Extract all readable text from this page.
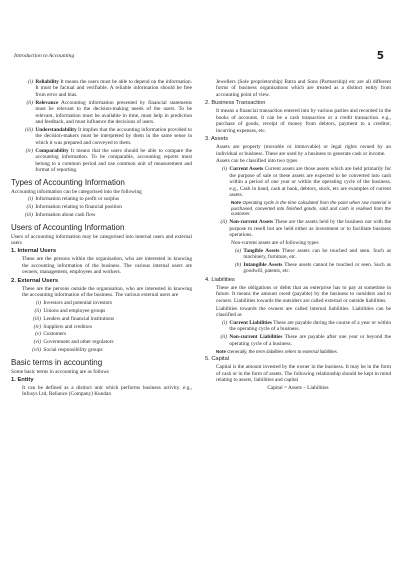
Introduction to Accounting	5
(i) Reliability It means the users must be able to depend on the information. It must be factual and verifiable. A reliable information should be free from error and bias.
(ii) Relevance Accounting information presented by financial statements must be relevant to the decision-making needs of the users. To be relevant, information must be available in time, must help in prediction and feedback, and must influence the decisions of users.
(iii) Understandability It implies that the accounting information provided to the decision-makers must be interpreted by them in the same sense in which it was prepared and conveyed to them.
(iv) Comparability It means that the users should be able to compare the accounting information. To be comparable, accounting reports must belong to a common period and use common unit of measurement and format of reporting.
Types of Accounting Information

Accounting information can be categorised into the following

(i) Information relating to profit or surplus
(ii) Information relating to financial position
(iii) Information about cash flow
Users of Accounting Information

Users of accounting information may be categorised into internal users and external users

1. Internal Users

These are the persons within the organisation, who are interested in knowing the accounting information of the business. The various internal users are owners, management, employees and workers.

2. External Users

These are the persons outside the organisation, who are interested in knowing the accounting information of the business. The various external users are

(i) Investors and potential investors
(ii) Unions and employee groups
(iii) Lenders and financial institutions
(iv) Suppliers and creditors
(v) Customers
(vi) Government and other regulators
(vii) Social responsibility groups
Basic terms in accounting

Some basic terms in accounting are as follows

1. Entity

It can be defined as a distinct unit which performs business activity. e.g., Infosys Ltd, Reliance (Company) Kundan

Jewellers (Sole proprietorship) Batra and Sons (Partnership) etc are all different forms of business organisations which are treated as a distinct entity from accounting point of view.

2. Business Transaction

It means a financial transaction entered into by various parties and recorded in the books of accounts. It can be a cash transaction or a credit transaction. e.g., purchase of goods, receipt of money from debtors, payment to a creditor, incurring expenses, etc.

3. Assets

Assets are property (movable or immovable) or legal rights owned by an individual or business. These are used by a business to generate cash or income.

Assets can be classified into two types

(i) Current Assets Current assets are those assets which are held primarily for the purpose of sale or these assets are expected to be converted into cash within a period of one year or within the operating cycle of the business. e.g., Cash in hand, cash at bank, debtors, stock, etc are examples of current assets.
Note Operating cycle is the time calculated from the point when raw material is purchased, converted into finished goods, sold and cash is realised from the customer.
(ii) Non-current Assets These are the assets held by the business not with the purpose to resell but are held either as investment or to facilitate business operations.

Non-current assets are of following types

(a) Tangible Assets These assets can be touched and seen. Such as machinery, furniture, etc.
(b) Intangible Assets These assets cannot be touched or seen. Such as goodwill, patents, etc.
4. Liabilities

These are the obligations or debts that an enterprise has to pay at sometime in future. It means the amount owed (payable) by the business to outsiders and to owners. Liabilities towards the outsiders are called external or outside liabilities.

Liabilities towards the owners are called internal liabilities. Liabilities can be classified as

(i) Current Liabilities These are payable during the course of a year or within the operating cycle of a business.
(ii) Non-current Liabilities These are payable after one year or beyond the operating cycle of a business.
Note Generally, the term liabilities refers to external liabilities.
5. Capital

Capital is the amount invested by the owner in the business. It may be in the form of cash or in the form of assets. The following relationship should be kept in mind relating to assets, liabilities and capital

Capital = Assets – Liabilities
